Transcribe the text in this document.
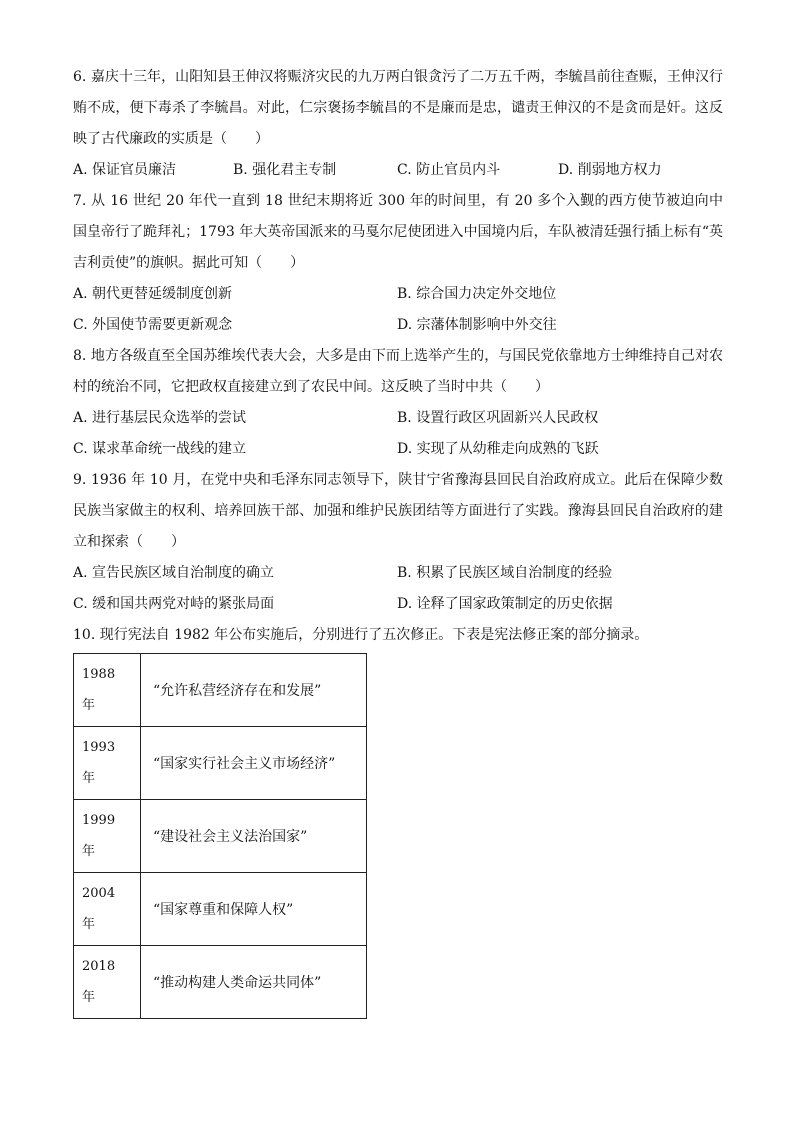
6. 嘉庆十三年，山阳知县王伸汉将赈济灾民的九万两白银贪污了二万五千两，李毓昌前往查赈，王伸汉行贿不成，便下毒杀了李毓昌。对此，仁宗褒扬李毓昌的不是廉而是忠，谴责王伸汉的不是贪而是奸。这反映了古代廉政的实质是（　　）

A. 保证官员廉洁	B. 强化君主专制	C. 防止官员内斗	D. 削弱地方权力

7. 从 16 世纪 20 年代一直到 18 世纪末期将近 300 年的时间里，有 20 多个入觐的西方使节被迫向中国皇帝行了跪拜礼；1793 年大英帝国派来的马戛尔尼使团进入中国境内后，车队被清廷强行插上标有“英吉利贡使”的旗帜。据此可知（　　）

A. 朝代更替延缓制度创新	B. 综合国力决定外交地位
C. 外国使节需要更新观念	D. 宗藩体制影响中外交往

8. 地方各级直至全国苏维埃代表大会，大多是由下而上选举产生的，与国民党依靠地方士绅维持自己对农村的统治不同，它把政权直接建立到了农民中间。这反映了当时中共（　　）

A. 进行基层民众选举的尝试	B. 设置行政区巩固新兴人民政权
C. 谋求革命统一战线的建立	D. 实现了从幼稚走向成熟的飞跃

9. 1936 年 10 月，在党中央和毛泽东同志领导下，陕甘宁省豫海县回民自治政府成立。此后在保障少数民族当家做主的权利、培养回族干部、加强和维护民族团结等方面进行了实践。豫海县回民自治政府的建立和探索（　　）

A. 宣告民族区域自治制度的确立	B. 积累了民族区域自治制度的经验
C. 缓和国共两党对峙的紧张局面	D. 诠释了国家政策制定的历史依据

10. 现行宪法自 1982 年公布实施后，分别进行了五次修正。下表是宪法修正案的部分摘录。

1988
年	“允许私营经济存在和发展”

1993
年	“国家实行社会主义市场经济”

1999
年	“建设社会主义法治国家”

2004
年	“国家尊重和保障人权”

2018
年	“推动构建人类命运共同体”
